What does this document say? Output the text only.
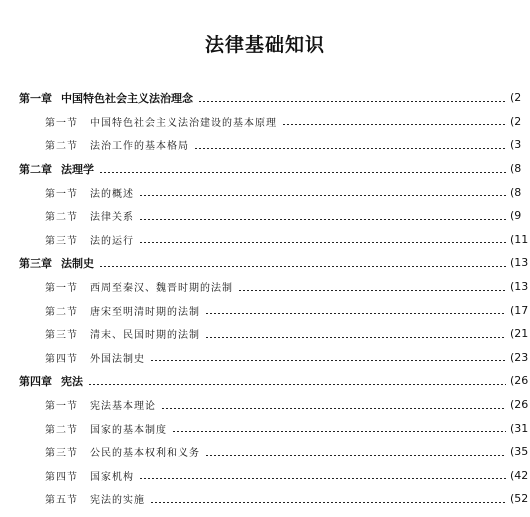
法律基础知识
第一章 中国特色社会主义法治理念	(2
第一节 中国特色社会主义法治建设的基本原理	(2
第二节 法治工作的基本格局	(3
第二章 法理学	(8
第一节 法的概述	(8
第二节 法律关系	(9
第三节 法的运行	(11
第三章 法制史	(13
第一节 西周至秦汉、魏晋时期的法制	(13
第二节 唐宋至明清时期的法制	(17
第三节 清末、民国时期的法制	(21
第四节 外国法制史	(23
第四章 宪法	(26
第一节 宪法基本理论	(26
第二节 国家的基本制度	(31
第三节 公民的基本权利和义务	(35
第四节 国家机构	(42
第五节 宪法的实施	(52
